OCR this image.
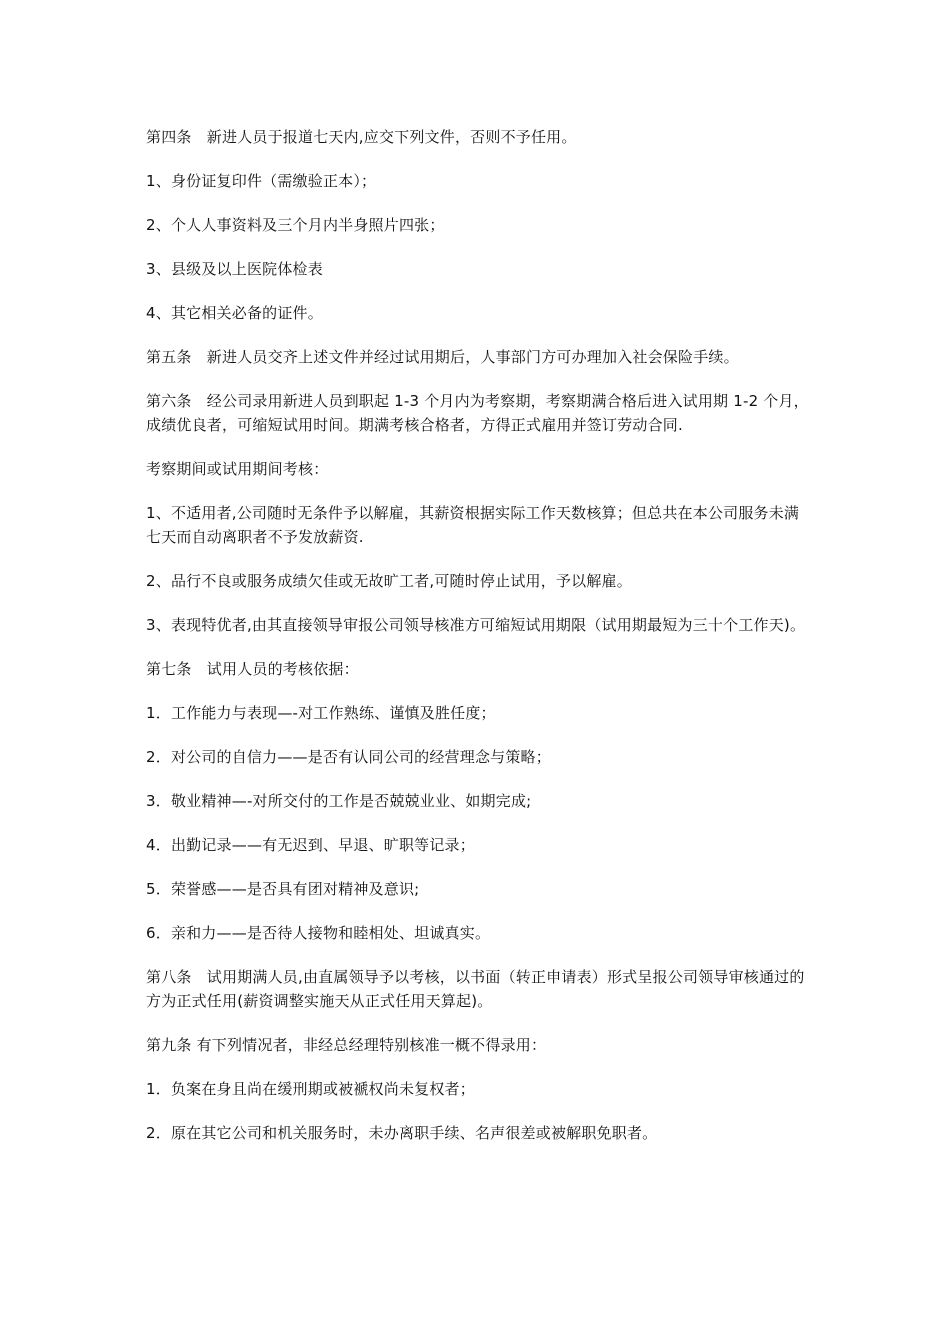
第四条　新进人员于报道七天内,应交下列文件，否则不予任用。

1、身份证复印件（需缴验正本）；

2、个人人事资料及三个月内半身照片四张；

3、县级及以上医院体检表

4、其它相关必备的证件。

第五条　新进人员交齐上述文件并经过试用期后，人事部门方可办理加入社会保险手续。

第六条　经公司录用新进人员到职起 1-3 个月内为考察期，考察期满合格后进入试用期 1-2 个月，成绩优良者，可缩短试用时间。期满考核合格者，方得正式雇用并签订劳动合同.

考察期间或试用期间考核：

1、不适用者,公司随时无条件予以解雇，其薪资根据实际工作天数核算；但总共在本公司服务未满七天而自动离职者不予发放薪资.

2、品行不良或服务成绩欠佳或无故旷工者,可随时停止试用，予以解雇。

3、表现特优者,由其直接领导审报公司领导核准方可缩短试用期限（试用期最短为三十个工作天)。

第七条　试用人员的考核依据：

1．工作能力与表现—-对工作熟练、谨慎及胜任度；

2．对公司的自信力——是否有认同公司的经营理念与策略；

3．敬业精神—-对所交付的工作是否兢兢业业、如期完成;

4．出勤记录——有无迟到、早退、旷职等记录；

5．荣誉感——是否具有团对精神及意识;

6．亲和力——是否待人接物和睦相处、坦诚真实。

第八条　试用期满人员,由直属领导予以考核，以书面（转正申请表）形式呈报公司领导审核通过的方为正式任用(薪资调整实施天从正式任用天算起)。

第九条 有下列情况者，非经总经理特别核准一概不得录用：

1．负案在身且尚在缓刑期或被褫权尚未复权者；

2．原在其它公司和机关服务时，未办离职手续、名声很差或被解职免职者。
